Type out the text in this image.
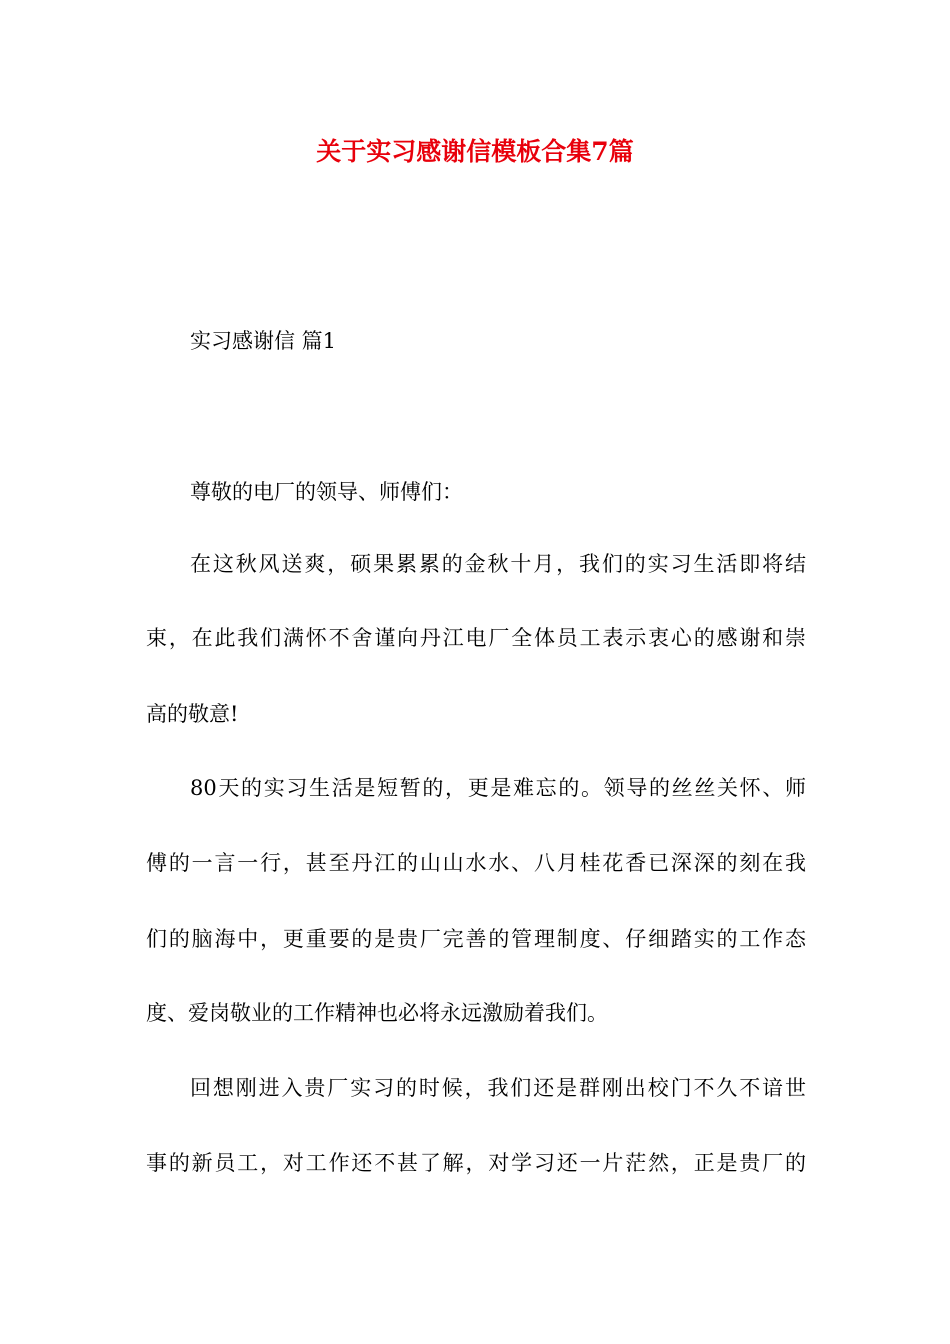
关于实习感谢信模板合集7篇
实习感谢信 篇1
尊敬的电厂的领导、师傅们：
在这秋风送爽，硕果累累的金秋十月，我们的实习生活即将结
束，在此我们满怀不舍谨向丹江电厂全体员工表示衷心的感谢和崇
高的敬意!
80天的实习生活是短暂的，更是难忘的。领导的丝丝关怀、师
傅的一言一行，甚至丹江的山山水水、八月桂花香已深深的刻在我
们的脑海中，更重要的是贵厂完善的管理制度、仔细踏实的工作态
度、爱岗敬业的工作精神也必将永远激励着我们。
回想刚进入贵厂实习的时候，我们还是群刚出校门不久不谙世
事的新员工，对工作还不甚了解，对学习还一片茫然，正是贵厂的
